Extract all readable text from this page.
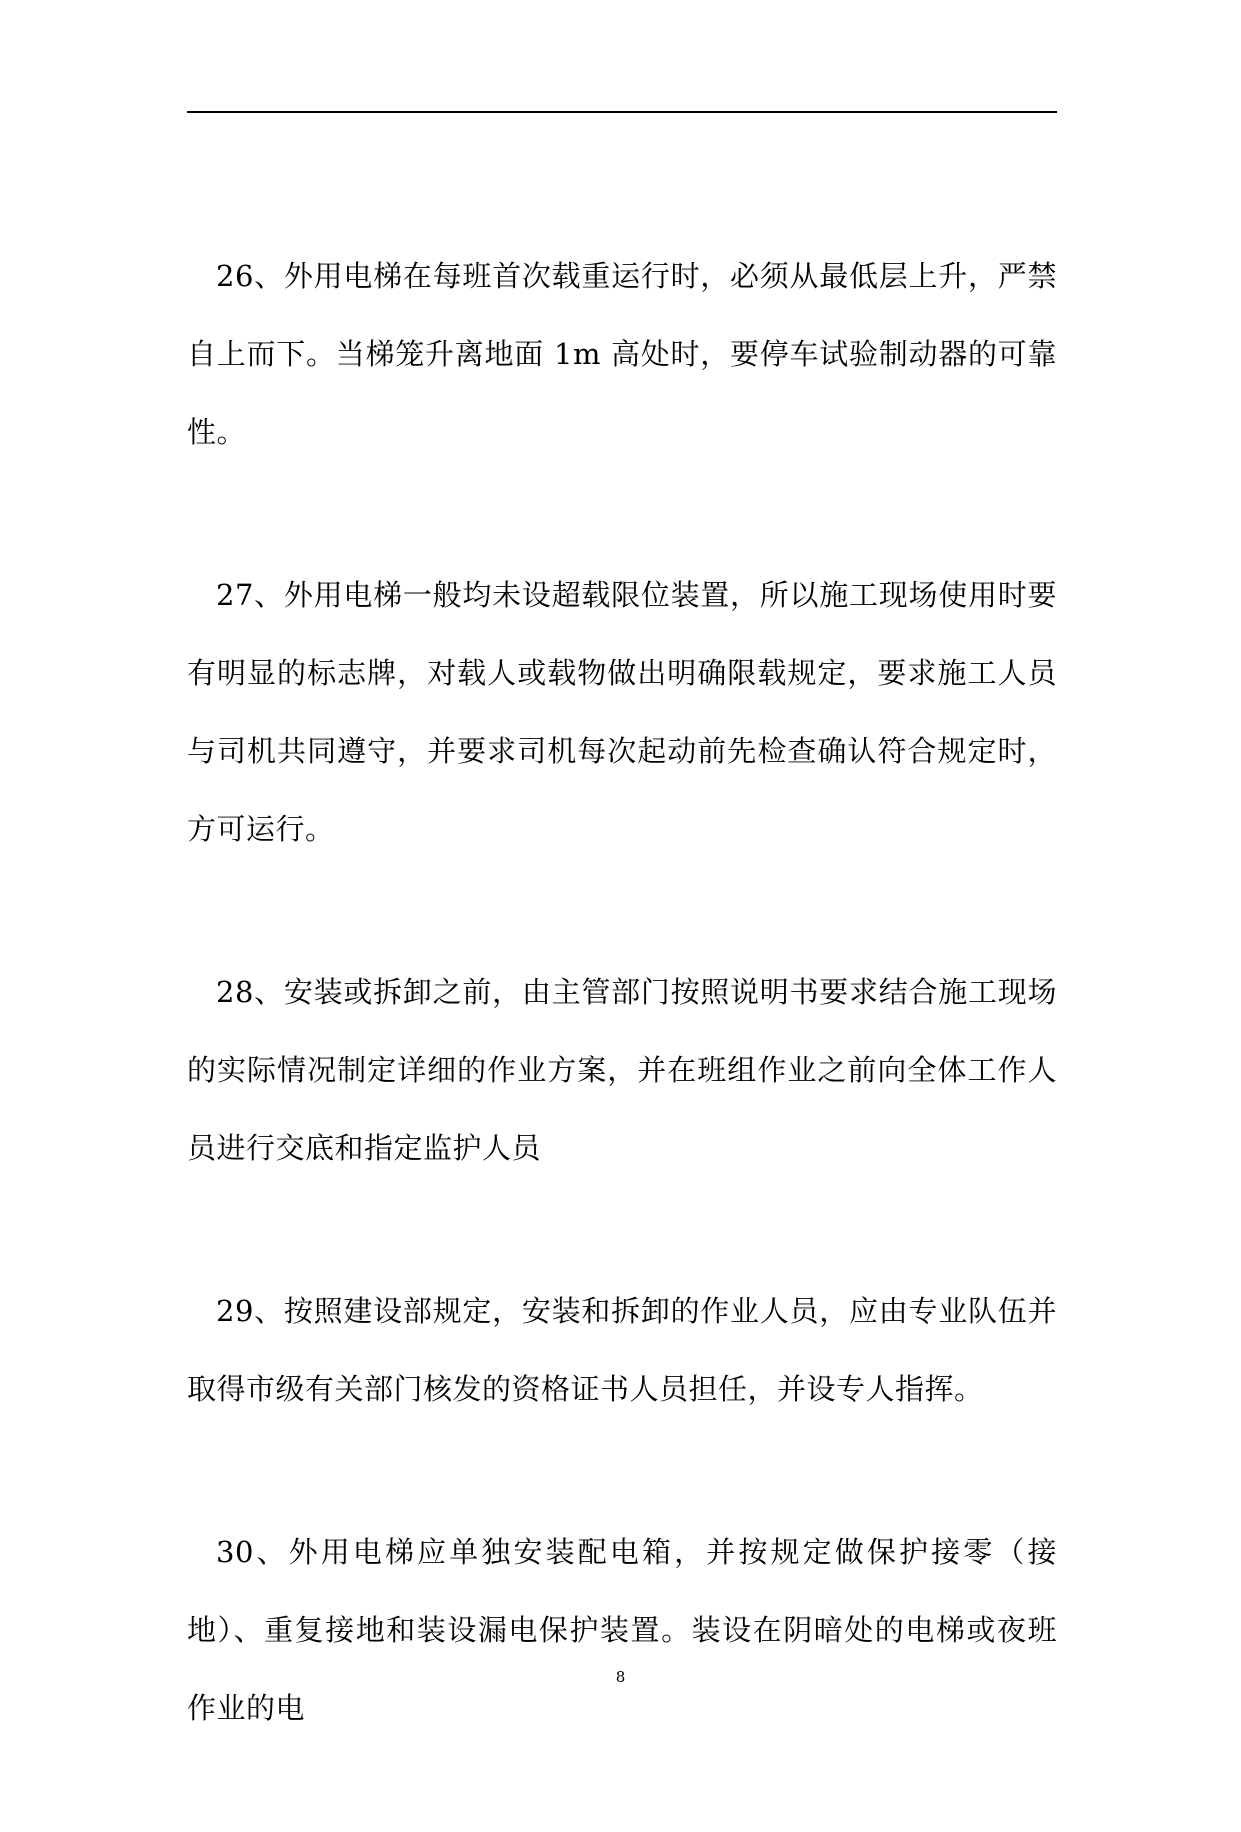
26、外用电梯在每班首次载重运行时，必须从最低层上升，严禁自上而下。当梯笼升离地面 1m 高处时，要停车试验制动器的可靠性。

27、外用电梯一般均未设超载限位装置，所以施工现场使用时要有明显的标志牌，对载人或载物做出明确限载规定，要求施工人员与司机共同遵守，并要求司机每次起动前先检查确认符合规定时，方可运行。

28、安装或拆卸之前，由主管部门按照说明书要求结合施工现场的实际情况制定详细的作业方案，并在班组作业之前向全体工作人员进行交底和指定监护人员

29、按照建设部规定，安装和拆卸的作业人员，应由专业队伍并取得市级有关部门核发的资格证书人员担任，并设专人指挥。

30、外用电梯应单独安装配电箱，并按规定做保护接零（接地）、重复接地和装设漏电保护装置。装设在阴暗处的电梯或夜班作业的电

8
